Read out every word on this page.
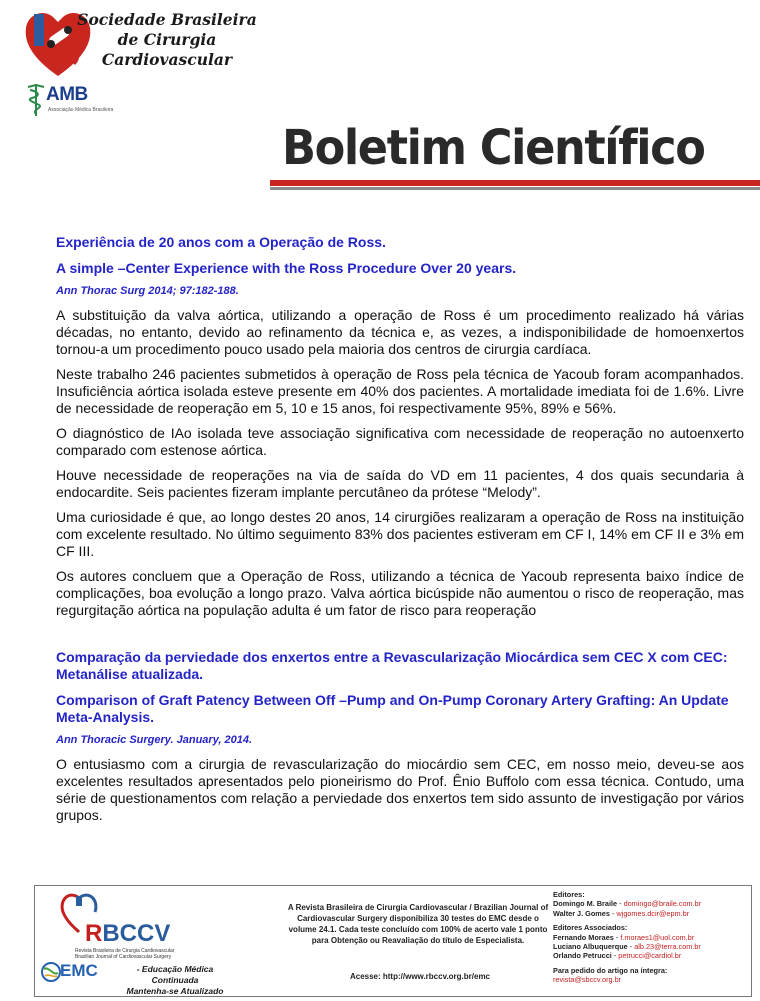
Sociedade Brasileira
de Cirurgia
Cardiovascular
AMB
Associação Médica Brasileira
Boletim Científico
Experiência de 20 anos com a Operação de Ross.
A simple –Center Experience with the Ross Procedure Over 20 years.
Ann Thorac Surg 2014; 97:182-188.

A substituição da valva aórtica, utilizando a operação de Ross é um procedimento realizado há várias décadas, no entanto, devido ao refinamento da técnica e, as vezes, a indisponibilidade de homoenxertos tornou-a um procedimento pouco usado pela maioria dos centros de cirurgia cardíaca.

Neste trabalho 246 pacientes submetidos à operação de Ross pela técnica de Yacoub foram acompanhados. Insuficiência aórtica isolada esteve presente em 40% dos pacientes. A mortalidade imediata foi de 1.6%. Livre de necessidade de reoperação em 5, 10 e 15 anos, foi respectivamente 95%, 89% e 56%.

O diagnóstico de IAo isolada teve associação significativa com necessidade de reoperação no autoenxerto comparado com estenose aórtica.

Houve necessidade de reoperações na via de saída do VD em 11 pacientes, 4 dos quais secundaria à endocardite. Seis pacientes fizeram implante percutâneo da prótese “Melody”.

Uma curiosidade é que, ao longo destes 20 anos, 14 cirurgiões realizaram a operação de Ross na instituição com excelente resultado. No último seguimento 83% dos pacientes estiveram em CF I, 14% em CF II e 3% em CF III.

Os autores concluem que a Operação de Ross, utilizando a técnica de Yacoub representa baixo índice de complicações, boa evolução a longo prazo. Valva aórtica bicúspide não aumentou o risco de reoperação, mas regurgitação aórtica na população adulta é um fator de risco para reoperação

Comparação da perviedade dos enxertos entre a Revascularização Miocárdica sem CEC X com CEC: Metanálise atualizada.
Comparison of Graft Patency Between Off –Pump and On-Pump Coronary Artery Grafting: An Update Meta-Analysis.
Ann Thoracic Surgery. January, 2014.

O entusiasmo com a cirurgia de revascularização do miocárdio sem CEC, em nosso meio, deveu-se aos excelentes resultados apresentados pelo pioneirismo do Prof. Ênio Buffolo com essa técnica. Contudo, uma série de questionamentos com relação a perviedade dos enxertos tem sido assunto de investigação por vários grupos.

RBCCV
Revista Brasileira de Cirurgia Cardiovascular
Brazilian Journal of Cardiovascular Surgery
EMC	- Educação Médica Continuada
Mantenha-se Atualizado
A Revista Brasileira de Cirurgia Cardiovascular / Brazilian Journal of Cardiovascular Surgery disponibiliza 30 testes do EMC desde o volume 24.1. Cada teste concluído com 100% de acerto vale 1 ponto para Obtenção ou Reavaliação do título de Especialista.
Acesse: http://www.rbccv.org.br/emc
Editores:
Domingo M. Braile - domingo@braile.com.br
Walter J. Gomes - wjgomes.dcir@epm.br
Editores Associados:
Fernando Moraes - f.moraes1@uol.com.br
Luciano Albuquerque - alb.23@terra.com.br
Orlando Petrucci - petrucci@cardiol.br
Para pedido do artigo na íntegra:
revista@sbccv.org.br
